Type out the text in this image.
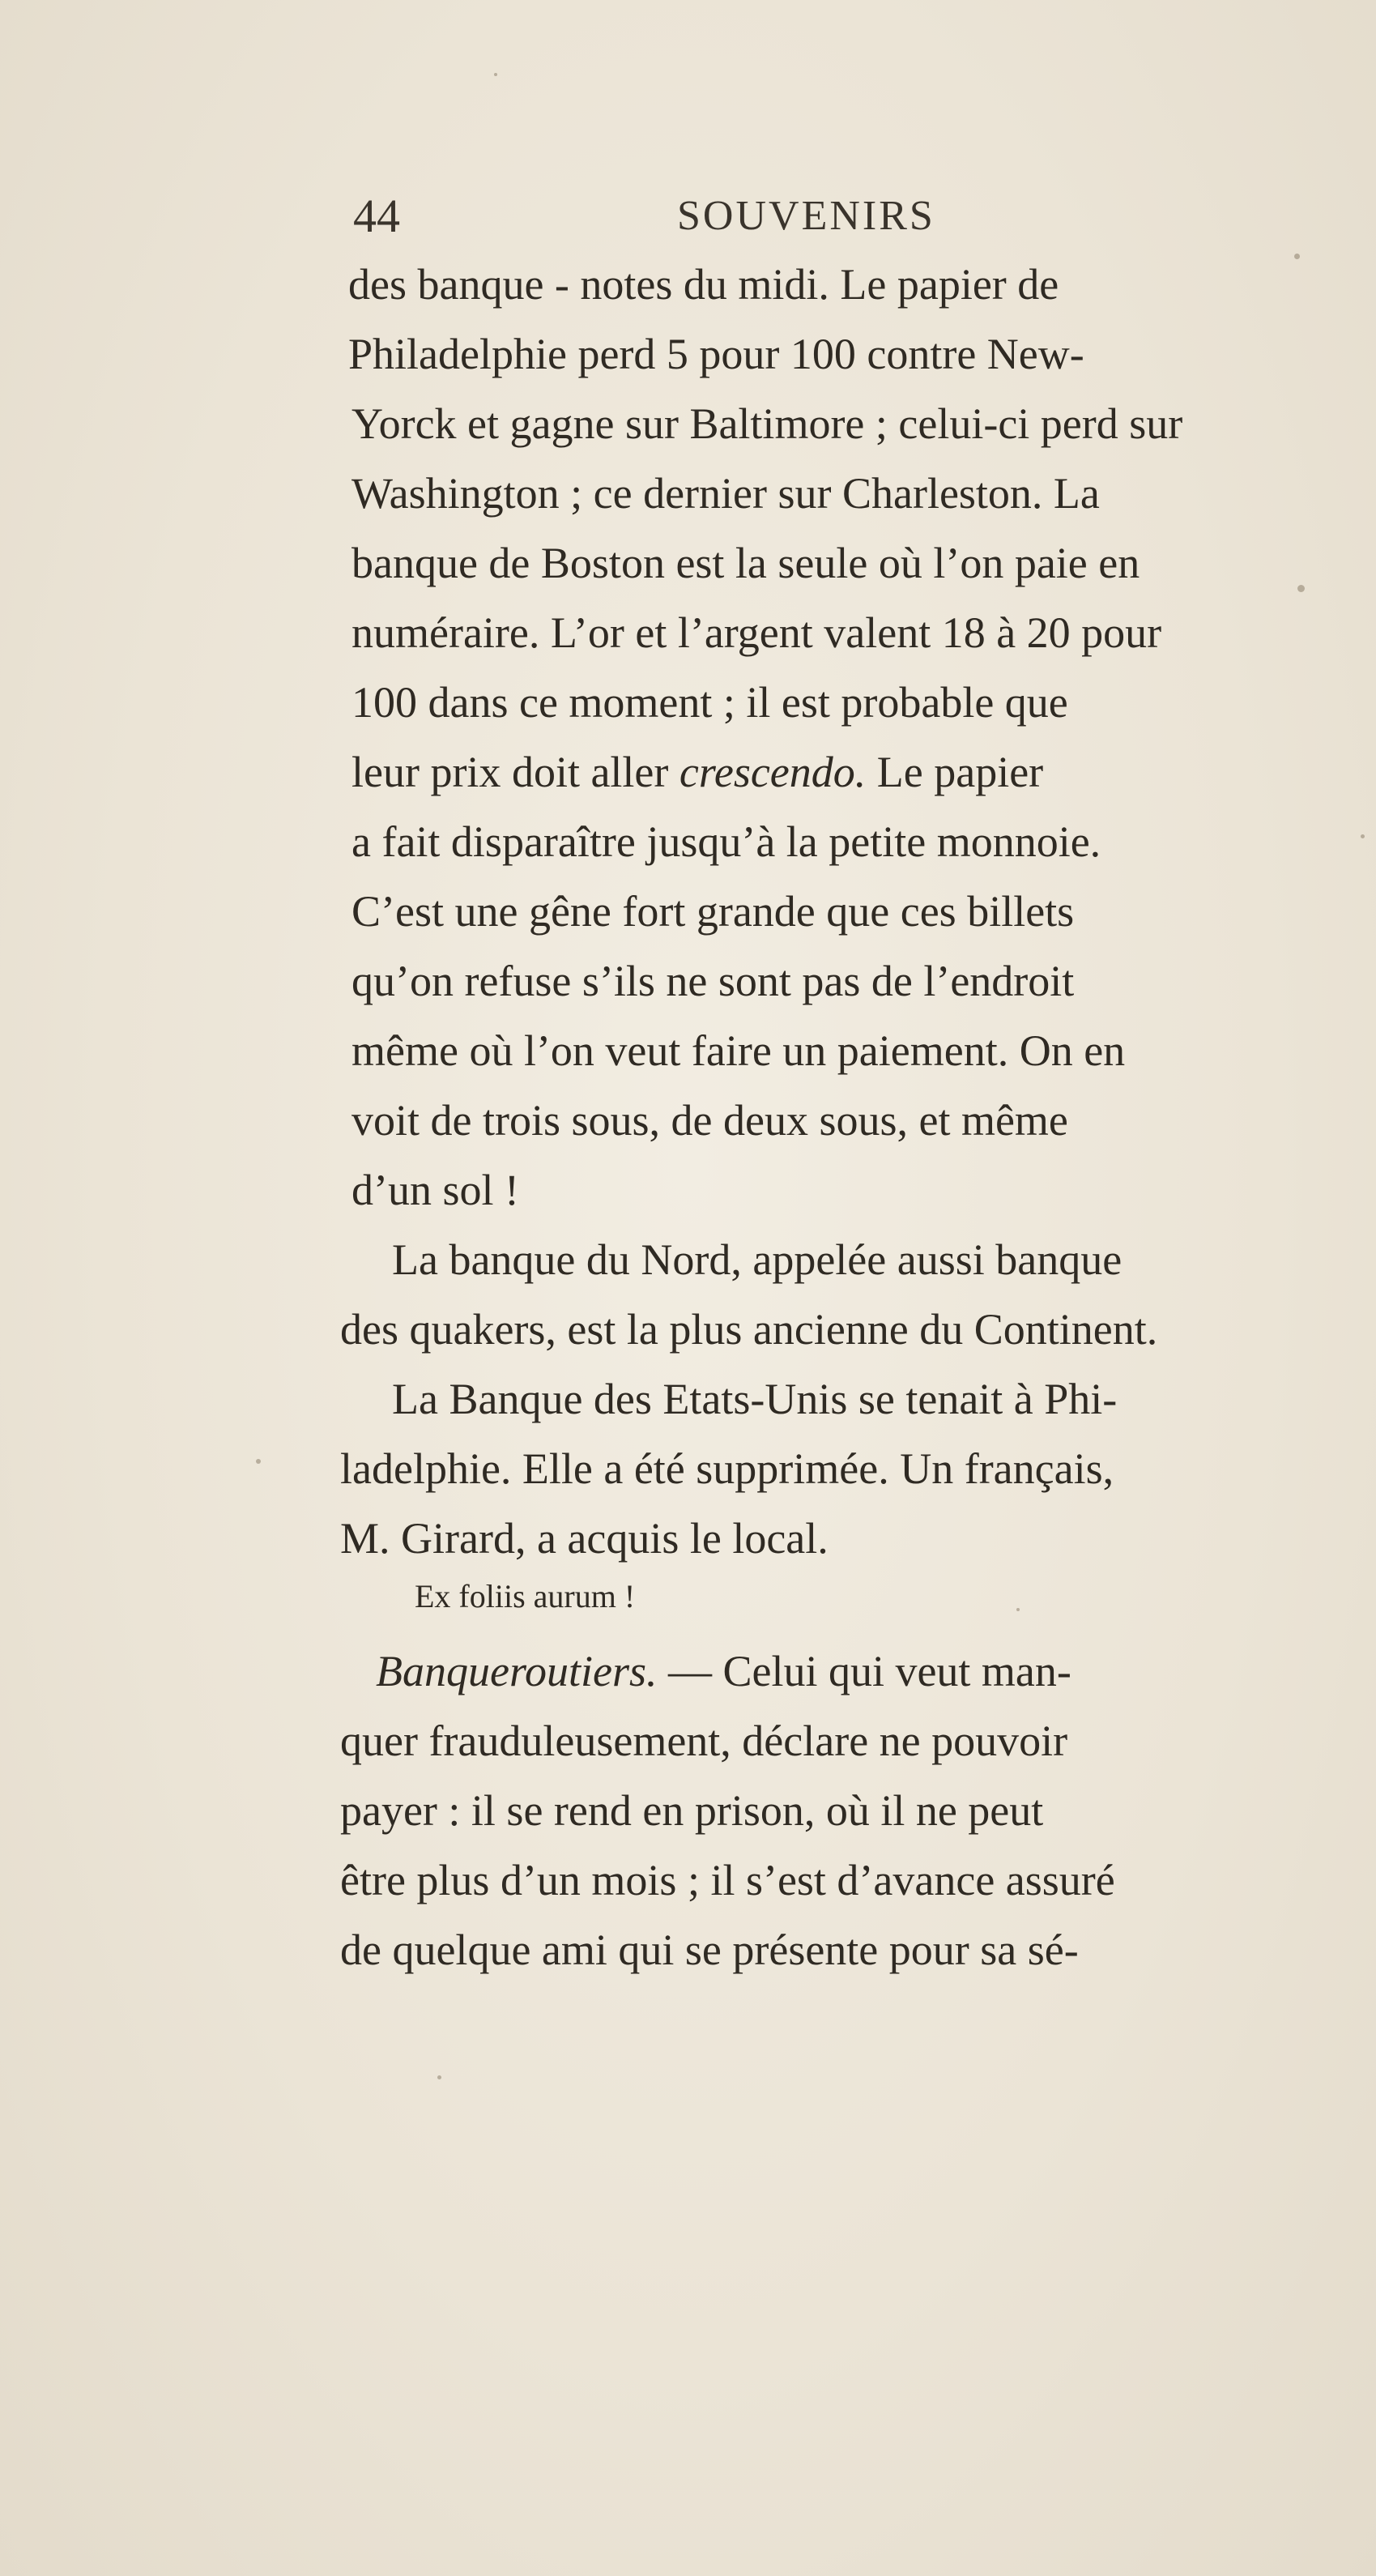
44	SOUVENIRS
des banque - notes du midi. Le papier de
Philadelphie perd 5 pour 100 contre New-
Yorck et gagne sur Baltimore ; celui-ci perd sur
Washington ; ce dernier sur Charleston. La
banque de Boston est la seule où l’on paie en
numéraire. L’or et l’argent valent 18 à 20 pour
100 dans ce moment ; il est probable que
leur prix doit aller crescendo. Le papier
a fait disparaître jusqu’à la petite monnoie.
C’est une gêne fort grande que ces billets
qu’on refuse s’ils ne sont pas de l’endroit
même où l’on veut faire un paiement. On en
voit de trois sous, de deux sous, et même
d’un sol !
La banque du Nord, appelée aussi banque
des quakers, est la plus ancienne du Continent.
La Banque des Etats-Unis se tenait à Phi-
ladelphie. Elle a été supprimée. Un français,
M. Girard, a acquis le local.
Ex foliis aurum !
Banqueroutiers. — Celui qui veut man-
quer frauduleusement, déclare ne pouvoir
payer : il se rend en prison, où il ne peut
être plus d’un mois ; il s’est d’avance assuré
de quelque ami qui se présente pour sa sé-
